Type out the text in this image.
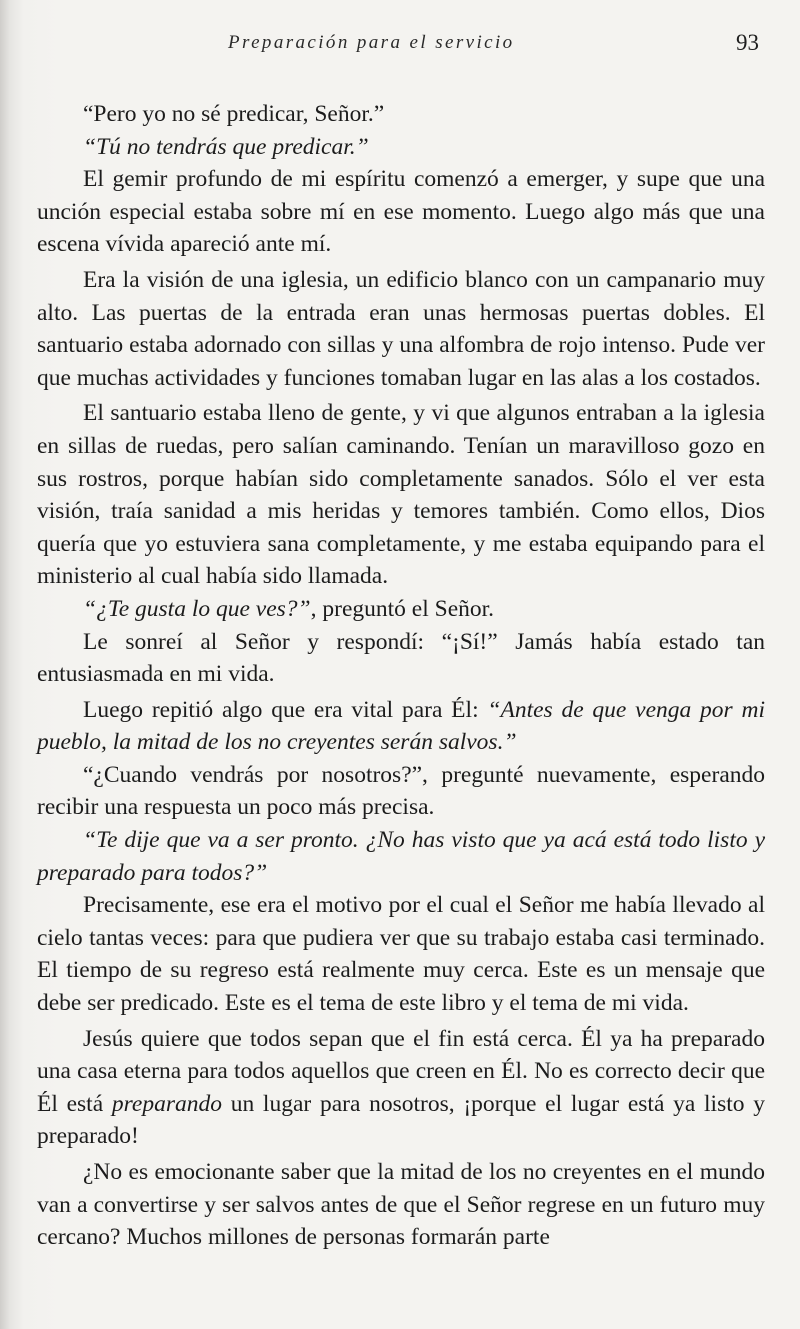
Preparación para el servicio	93

“Pero yo no sé predicar, Señor.”

“Tú no tendrás que predicar.”

El gemir profundo de mi espíritu comenzó a emerger, y supe que una unción especial estaba sobre mí en ese momento. Luego algo más que una escena vívida apareció ante mí.

Era la visión de una iglesia, un edificio blanco con un campanario muy alto. Las puertas de la entrada eran unas hermosas puertas dobles. El santuario estaba adornado con sillas y una alfombra de rojo intenso. Pude ver que muchas actividades y funciones tomaban lugar en las alas a los costados.

El santuario estaba lleno de gente, y vi que algunos entraban a la iglesia en sillas de ruedas, pero salían caminando. Tenían un maravilloso gozo en sus rostros, porque habían sido completamente sanados. Sólo el ver esta visión, traía sanidad a mis heridas y temores también. Como ellos, Dios quería que yo estuviera sana completamente, y me estaba equipando para el ministerio al cual había sido llamada.

“¿Te gusta lo que ves?”, preguntó el Señor.

Le sonreí al Señor y respondí: “¡Sí!” Jamás había estado tan entusiasmada en mi vida.

Luego repitió algo que era vital para Él: “Antes de que venga por mi pueblo, la mitad de los no creyentes serán salvos.”

“¿Cuando vendrás por nosotros?”, pregunté nuevamente, esperando recibir una respuesta un poco más precisa.

“Te dije que va a ser pronto. ¿No has visto que ya acá está todo listo y preparado para todos?”

Precisamente, ese era el motivo por el cual el Señor me había llevado al cielo tantas veces: para que pudiera ver que su trabajo estaba casi terminado. El tiempo de su regreso está realmente muy cerca. Este es un mensaje que debe ser predicado. Este es el tema de este libro y el tema de mi vida.

Jesús quiere que todos sepan que el fin está cerca. Él ya ha preparado una casa eterna para todos aquellos que creen en Él. No es correcto decir que Él está preparando un lugar para nosotros, ¡porque el lugar está ya listo y preparado!

¿No es emocionante saber que la mitad de los no creyentes en el mundo van a convertirse y ser salvos antes de que el Señor regrese en un futuro muy cercano? Muchos millones de personas formarán parte
